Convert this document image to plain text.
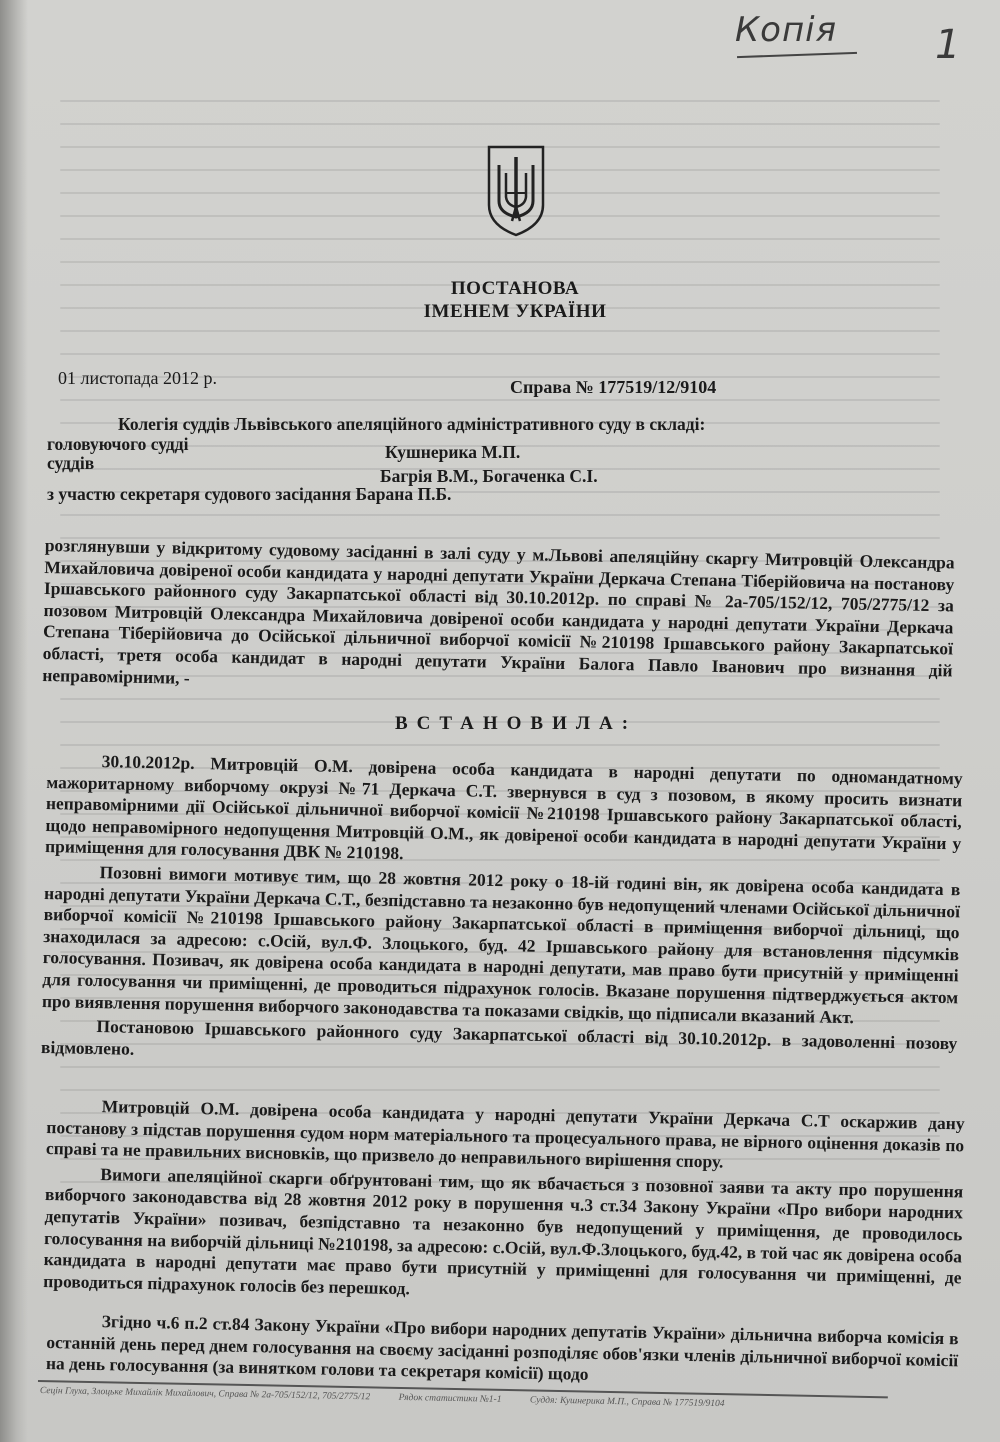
Копія 1
ПОСТАНОВА
ІМЕНЕМ УКРАЇНИ
01 листопада 2012 р.	Справа № 177519/12/9104
Колегія суддів Львівського апеляційного адміністративного суду в складі:
головуючого судді	Кушнерика М.П.
суддів
Багрія В.М., Богаченка С.І.
з участю секретаря судового засідання Барана П.Б.

розглянувши у відкритому судовому засіданні в залі суду у м.Львові апеляційну скаргу Митровцій Олександра Михайловича довіреної особи кандидата у народні депутати України Деркача Степана Тіберійовича на постанову Іршавського районного суду Закарпатської області від 30.10.2012р. по справі № 2а-705/152/12, 705/2775/12 за позовом Митровцій Олександра Михайловича довіреної особи кандидата у народні депутати України Деркача Степана Тіберійовича до Осійської дільничної виборчої комісії №210198 Іршавського району Закарпатської області, третя особа кандидат в народні депутати України Балога Павло Іванович про визнання дій неправомірними, -

ВСТАНОВИЛА:

30.10.2012р. Митровцій О.М. довірена особа кандидата в народні депутати по одномандатному мажоритарному виборчому окрузі №71 Деркача С.Т. звернувся в суд з позовом, в якому просить визнати неправомірними дії Осійської дільничної виборчої комісії №210198 Іршавського району Закарпатської області, щодо неправомірного недопущення Митровцій О.М., як довіреної особи кандидата в народні депутати України у приміщення для голосування ДВК № 210198.

Позовні вимоги мотивує тим, що 28 жовтня 2012 року о 18-ій годині він, як довірена особа кандидата в народні депутати України Деркача С.Т., безпідставно та незаконно був недопущений членами Осійської дільничної виборчої комісії №210198 Іршавського району Закарпатської області в приміщення виборчої дільниці, що знаходилася за адресою: с.Осій, вул.Ф. Злоцького, буд. 42 Іршавського району для встановлення підсумків голосування. Позивач, як довірена особа кандидата в народні депутати, мав право бути присутній у приміщенні для голосування чи приміщенні, де проводиться підрахунок голосів. Вказане порушення підтверджується актом про виявлення порушення виборчого законодавства та показами свідків, що підписали вказаний Акт.

Постановою Іршавського районного суду Закарпатської області від 30.10.2012р. в задоволенні позову відмовлено.

Митровцій О.М. довірена особа кандидата у народні депутати України Деркача С.Т оскаржив дану постанову з підстав порушення судом норм матеріального та процесуального права, не вірного оцінення доказів по справі та не правильних висновків, що призвело до неправильного вирішення спору.

Вимоги апеляційної скарги обґрунтовані тим, що як вбачається з позовної заяви та акту про порушення виборчого законодавства від 28 жовтня 2012 року в порушення ч.3 ст.34 Закону України «Про вибори народних депутатів України» позивач, безпідставно та незаконно був недопущений у приміщення, де проводилось голосування на виборчій дільниці №210198, за адресою: с.Осій, вул.Ф.Злоцького, буд.42, в той час як довірена особа кандидата в народні депутати має право бути присутній у приміщенні для голосування чи приміщенні, де проводиться підрахунок голосів без перешкод.

Згідно ч.6 п.2 ст.84 Закону України «Про вибори народних депутатів України» дільнична виборча комісія в останній день перед днем голосування на своєму засіданні розподіляє обов'язки членів дільничної виборчої комісії на день голосування (за винятком голови та секретаря комісії) щодо

Сецін Глуха, Злоцьке Михайлік Михайлович, Справа № 2а-705/152/12, 705/2775/12	Рядок статистики №1-1	Суддя: Кушнерика М.П., Справа № 177519/9104
